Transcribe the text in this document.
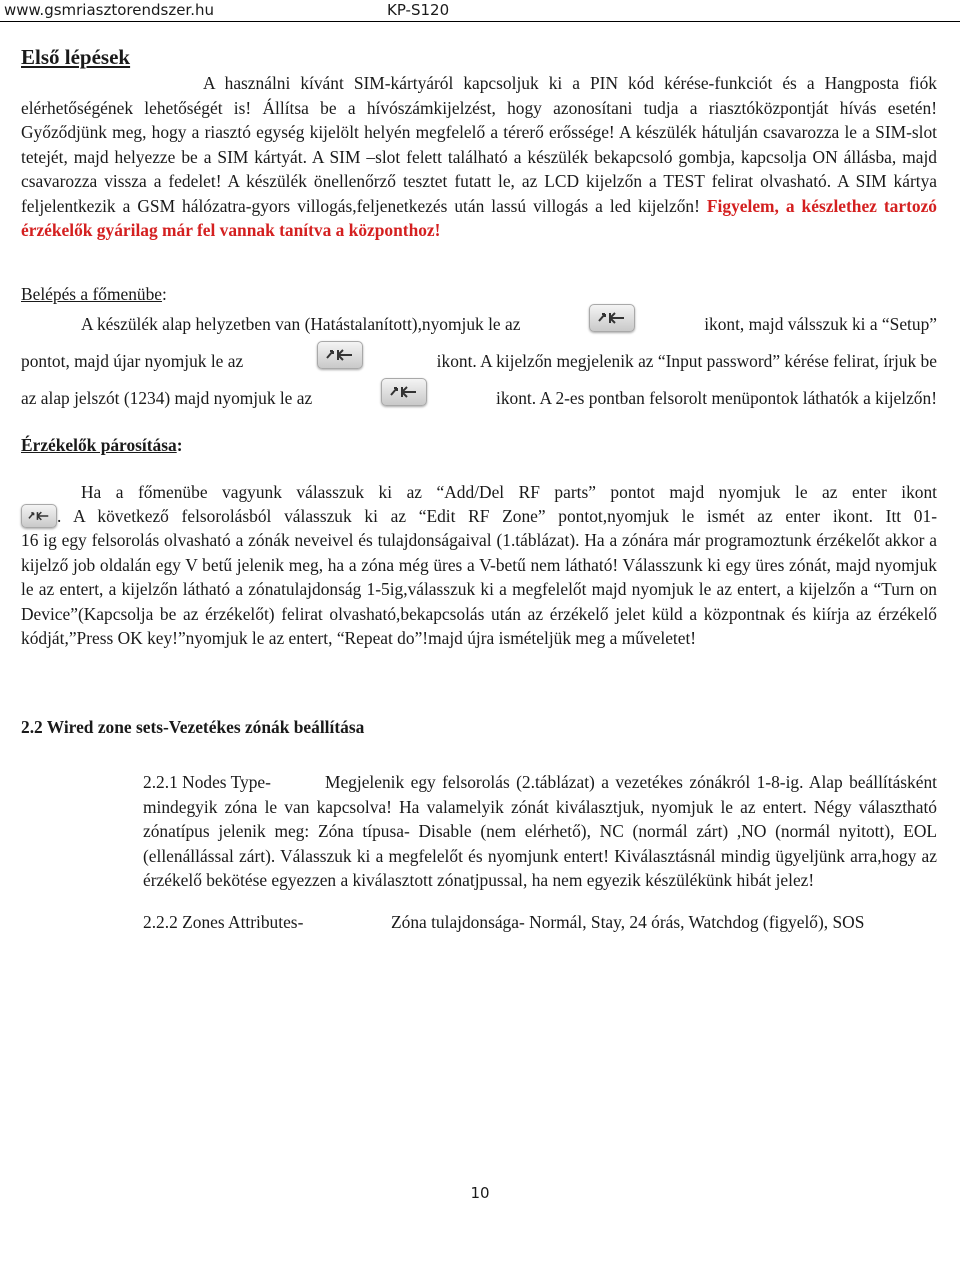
www.gsmriasztorendszer.hu	KP-S120
Első lépések

A használni kívánt SIM-kártyáról kapcsoljuk ki a PIN kód kérése-funkciót és a Hangposta fiók elérhetőségének lehetőségét is! Állítsa be a hívószámkijelzést, hogy azonosítani tudja a riasztóközpontját hívás esetén! Győződjünk meg, hogy a riasztó egység kijelölt helyén megfelelő a térerő erőssége! A készülék hátulján csavarozza le a SIM-slot tetejét, majd helyezze be a SIM kártyát. A SIM –slot felett található a készülék bekapcsoló gombja, kapcsolja ON állásba, majd csavarozza vissza a fedelet! A készülék önellenőrző tesztet futatt le, az LCD kijelzőn a TEST felirat olvasható. A SIM kártya feljelentkezik a GSM hálózatra-gyors villogás,feljenetkezés után lassú villogás a led kijelzőn! Figyelem, a készlethez tartozó érzékelők gyárilag már fel vannak tanítva a központhoz!

Belépés a főmenübe:

A készülék alap helyzetben van (Hatástalanított),nyomjuk le az	ikont, majd válsszuk ki a “Setup”
pontot, majd újar nyomjuk le az	ikont. A kijelzőn megjelenik az “Input password” kérése felirat, írjuk be
az alap jelszót (1234) majd nyomjuk le az	ikont. A 2-es pontban felsorolt menüpontok láthatók a kijelzőn!

Érzékelők párosítása:

Ha a főmenübe vagyunk válasszuk ki az “Add/Del RF parts” pontot majd nyomjuk le az enter ikont
. A következő felsorolásból válasszuk ki az “Edit RF Zone” pontot,nyomjuk le ismét az enter ikont. Itt 01-

16 ig egy felsorolás olvasható a zónák neveivel és tulajdonságaival (1.táblázat). Ha a zónára már programoztunk érzékelőt akkor a kijelző job oldalán egy V betű jelenik meg, ha a zóna még üres a V-betű nem látható! Válasszunk ki egy üres zónát, majd nyomjuk le az entert, a kijelzőn látható a zónatulajdonság 1-5ig,válasszuk ki a megfelelőt majd nyomjuk le az entert, a kijelzőn a “Turn on Device”(Kapcsolja be az érzékelőt) felirat olvasható,bekapcsolás után az érzékelő jelet küld a központnak és kiírja az érzékelő kódját,”Press OK key!”nyomjuk le az entert, “Repeat do”!majd újra ismételjük meg a műveletet!

2.2 Wired zone sets-Vezetékes zónák beállítása

2.2.1 Nodes Type-	Megjelenik egy felsorolás (2.táblázat) a vezetékes zónákról 1-8-ig. Alap beállításként mindegyik zóna le van kapcsolva! Ha valamelyik zónát kiválasztjuk, nyomjuk le az entert. Négy választható zónatípus jelenik meg: Zóna típusa- Disable (nem elérhető), NC (normál zárt) ,NO (normál nyitott), EOL (ellenállással zárt). Válasszuk ki a megfelelőt és nyomjunk entert! Kiválasztásnál mindig ügyeljünk arra,hogy az érzékelő bekötése egyezzen a kiválasztott zónatjpussal, ha nem egyezik készülékünk hibát jelez!

2.2.2 Zones Attributes-	Zóna tulajdonsága- Normál, Stay, 24 órás, Watchdog (figyelő), SOS

10
